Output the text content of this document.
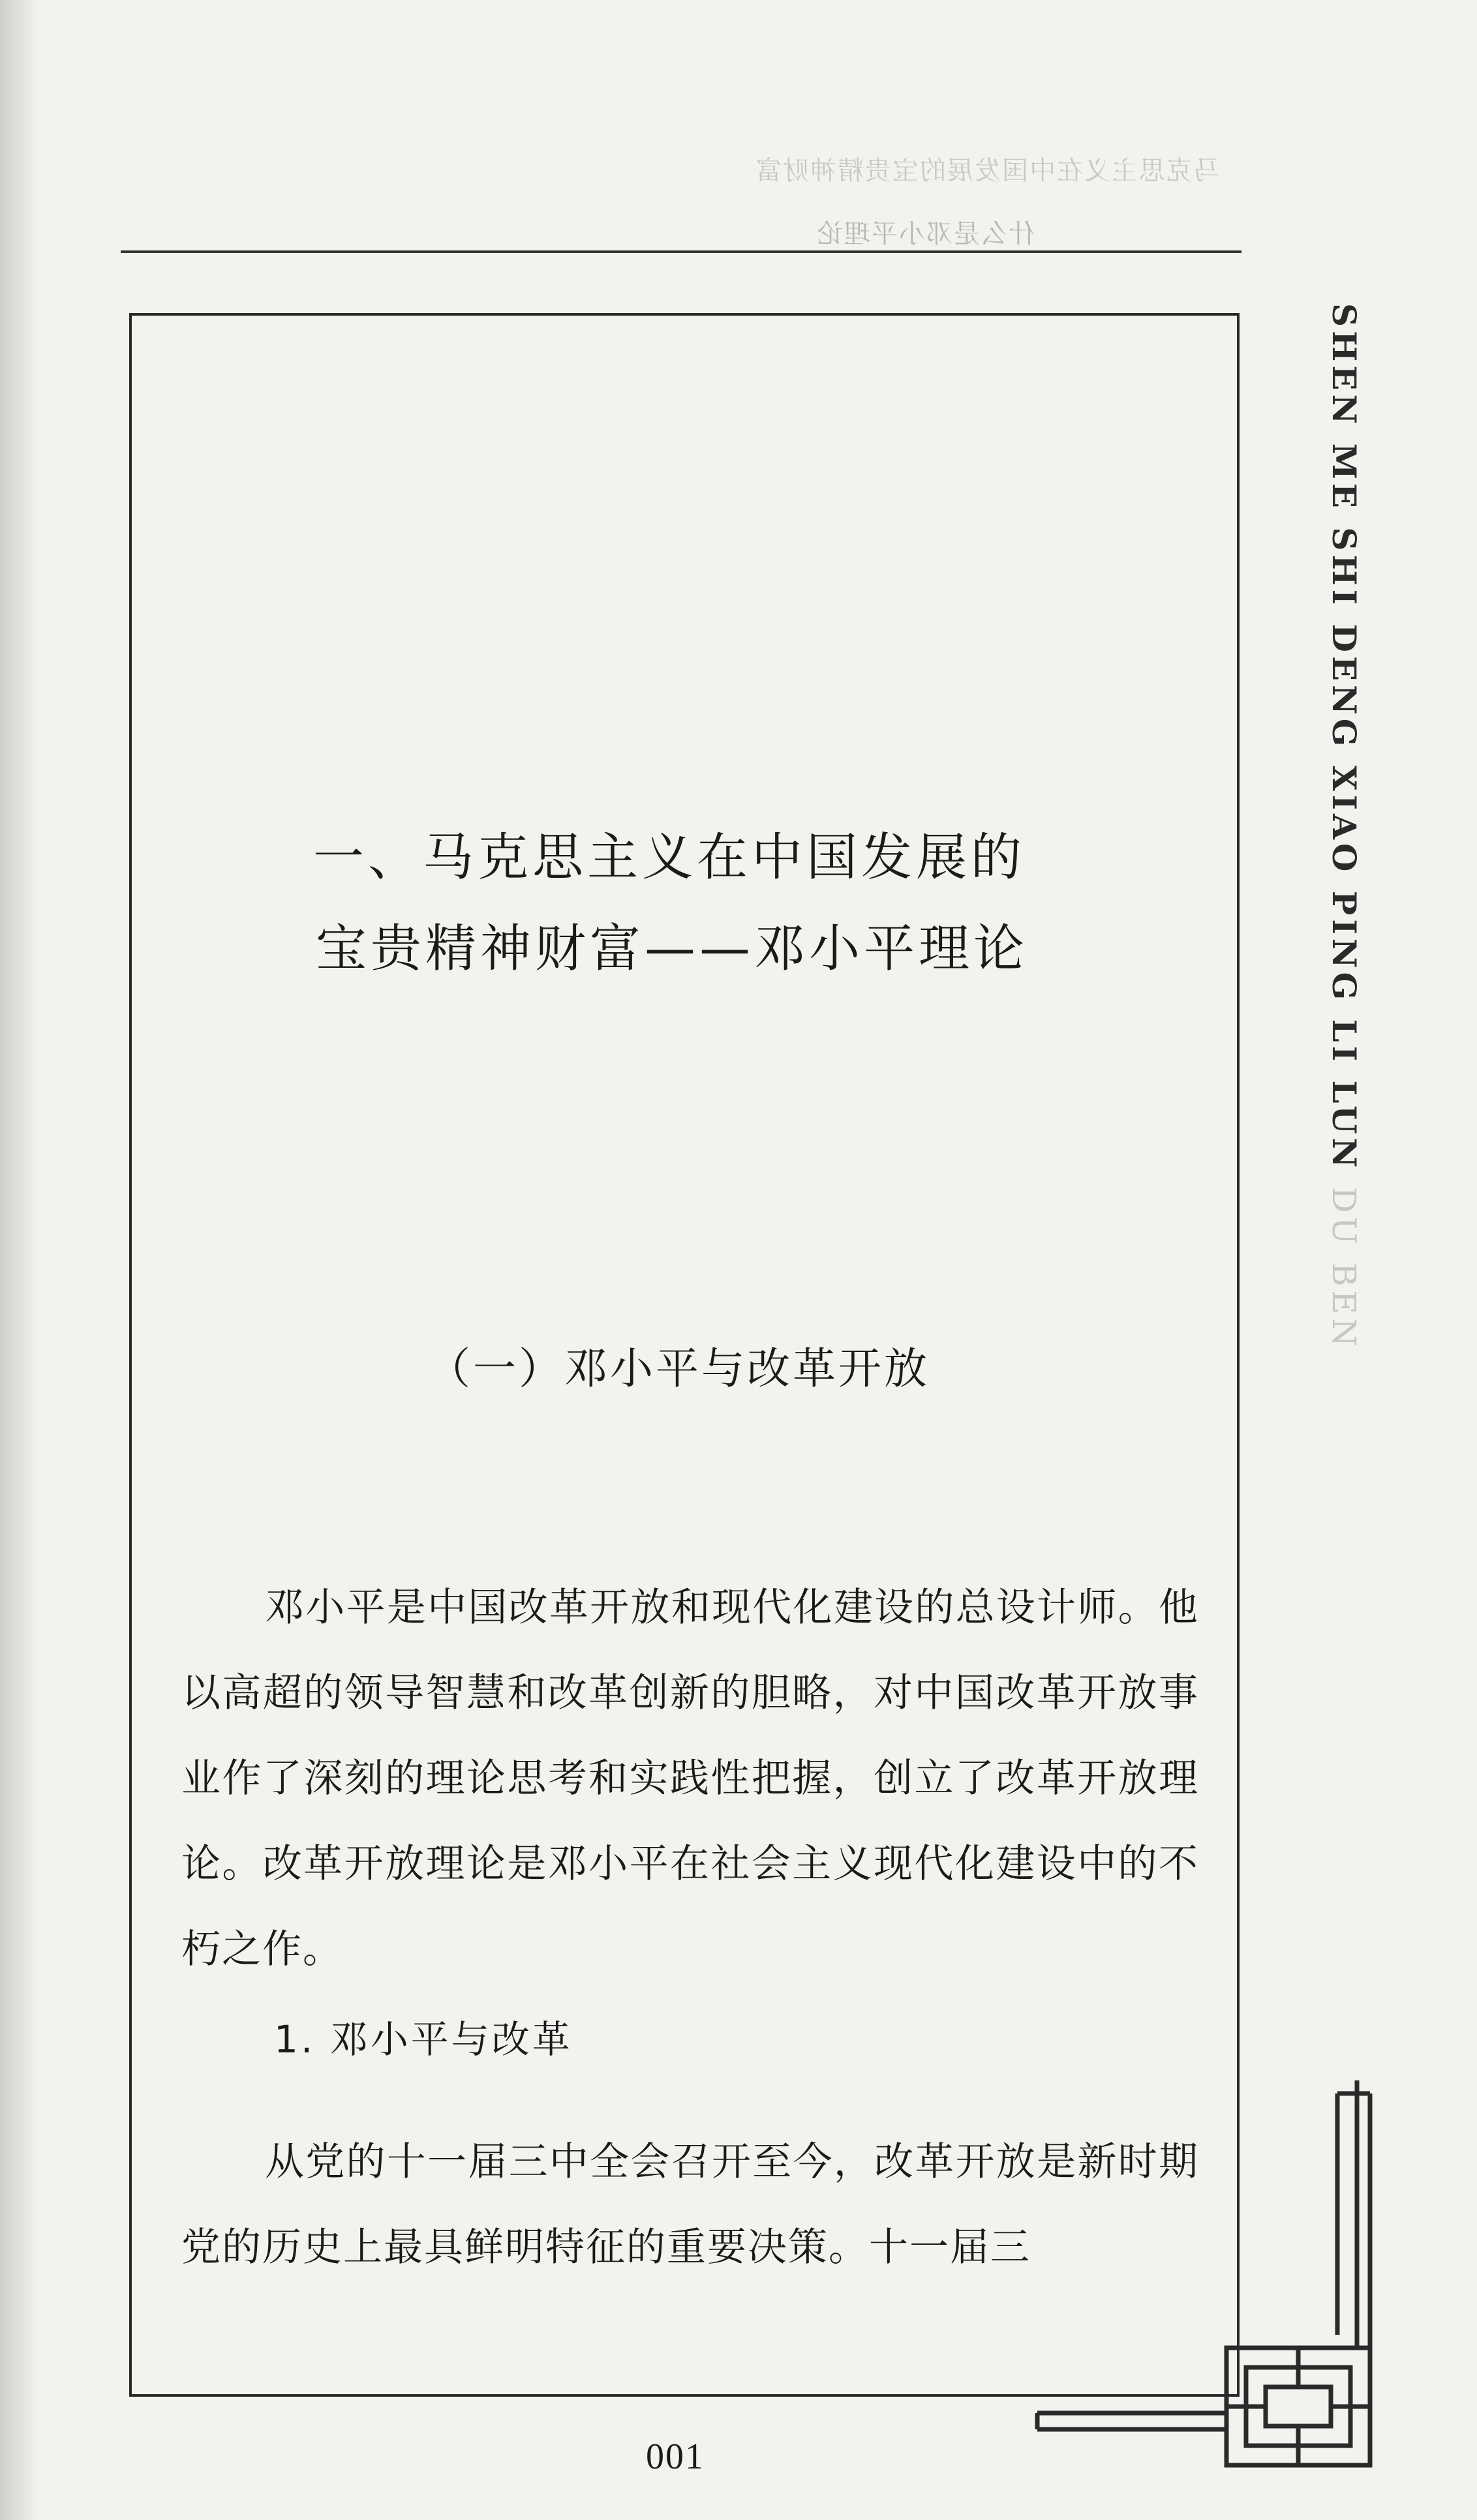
马克思主义在中国发展的宝贵精神财富
什么是邓小平理论
SHEN ME SHI DENG XIAO PING LI LUN DU BEN
一、马克思主义在中国发展的
宝贵精神财富——邓小平理论
（一）邓小平与改革开放
邓小平是中国改革开放和现代化建设的总设计师。他以高超的领导智慧和改革创新的胆略，对中国改革开放事业作了深刻的理论思考和实践性把握，创立了改革开放理论。改革开放理论是邓小平在社会主义现代化建设中的不朽之作。
1. 邓小平与改革
从党的十一届三中全会召开至今，改革开放是新时期党的历史上最具鲜明特征的重要决策。十一届三
001
